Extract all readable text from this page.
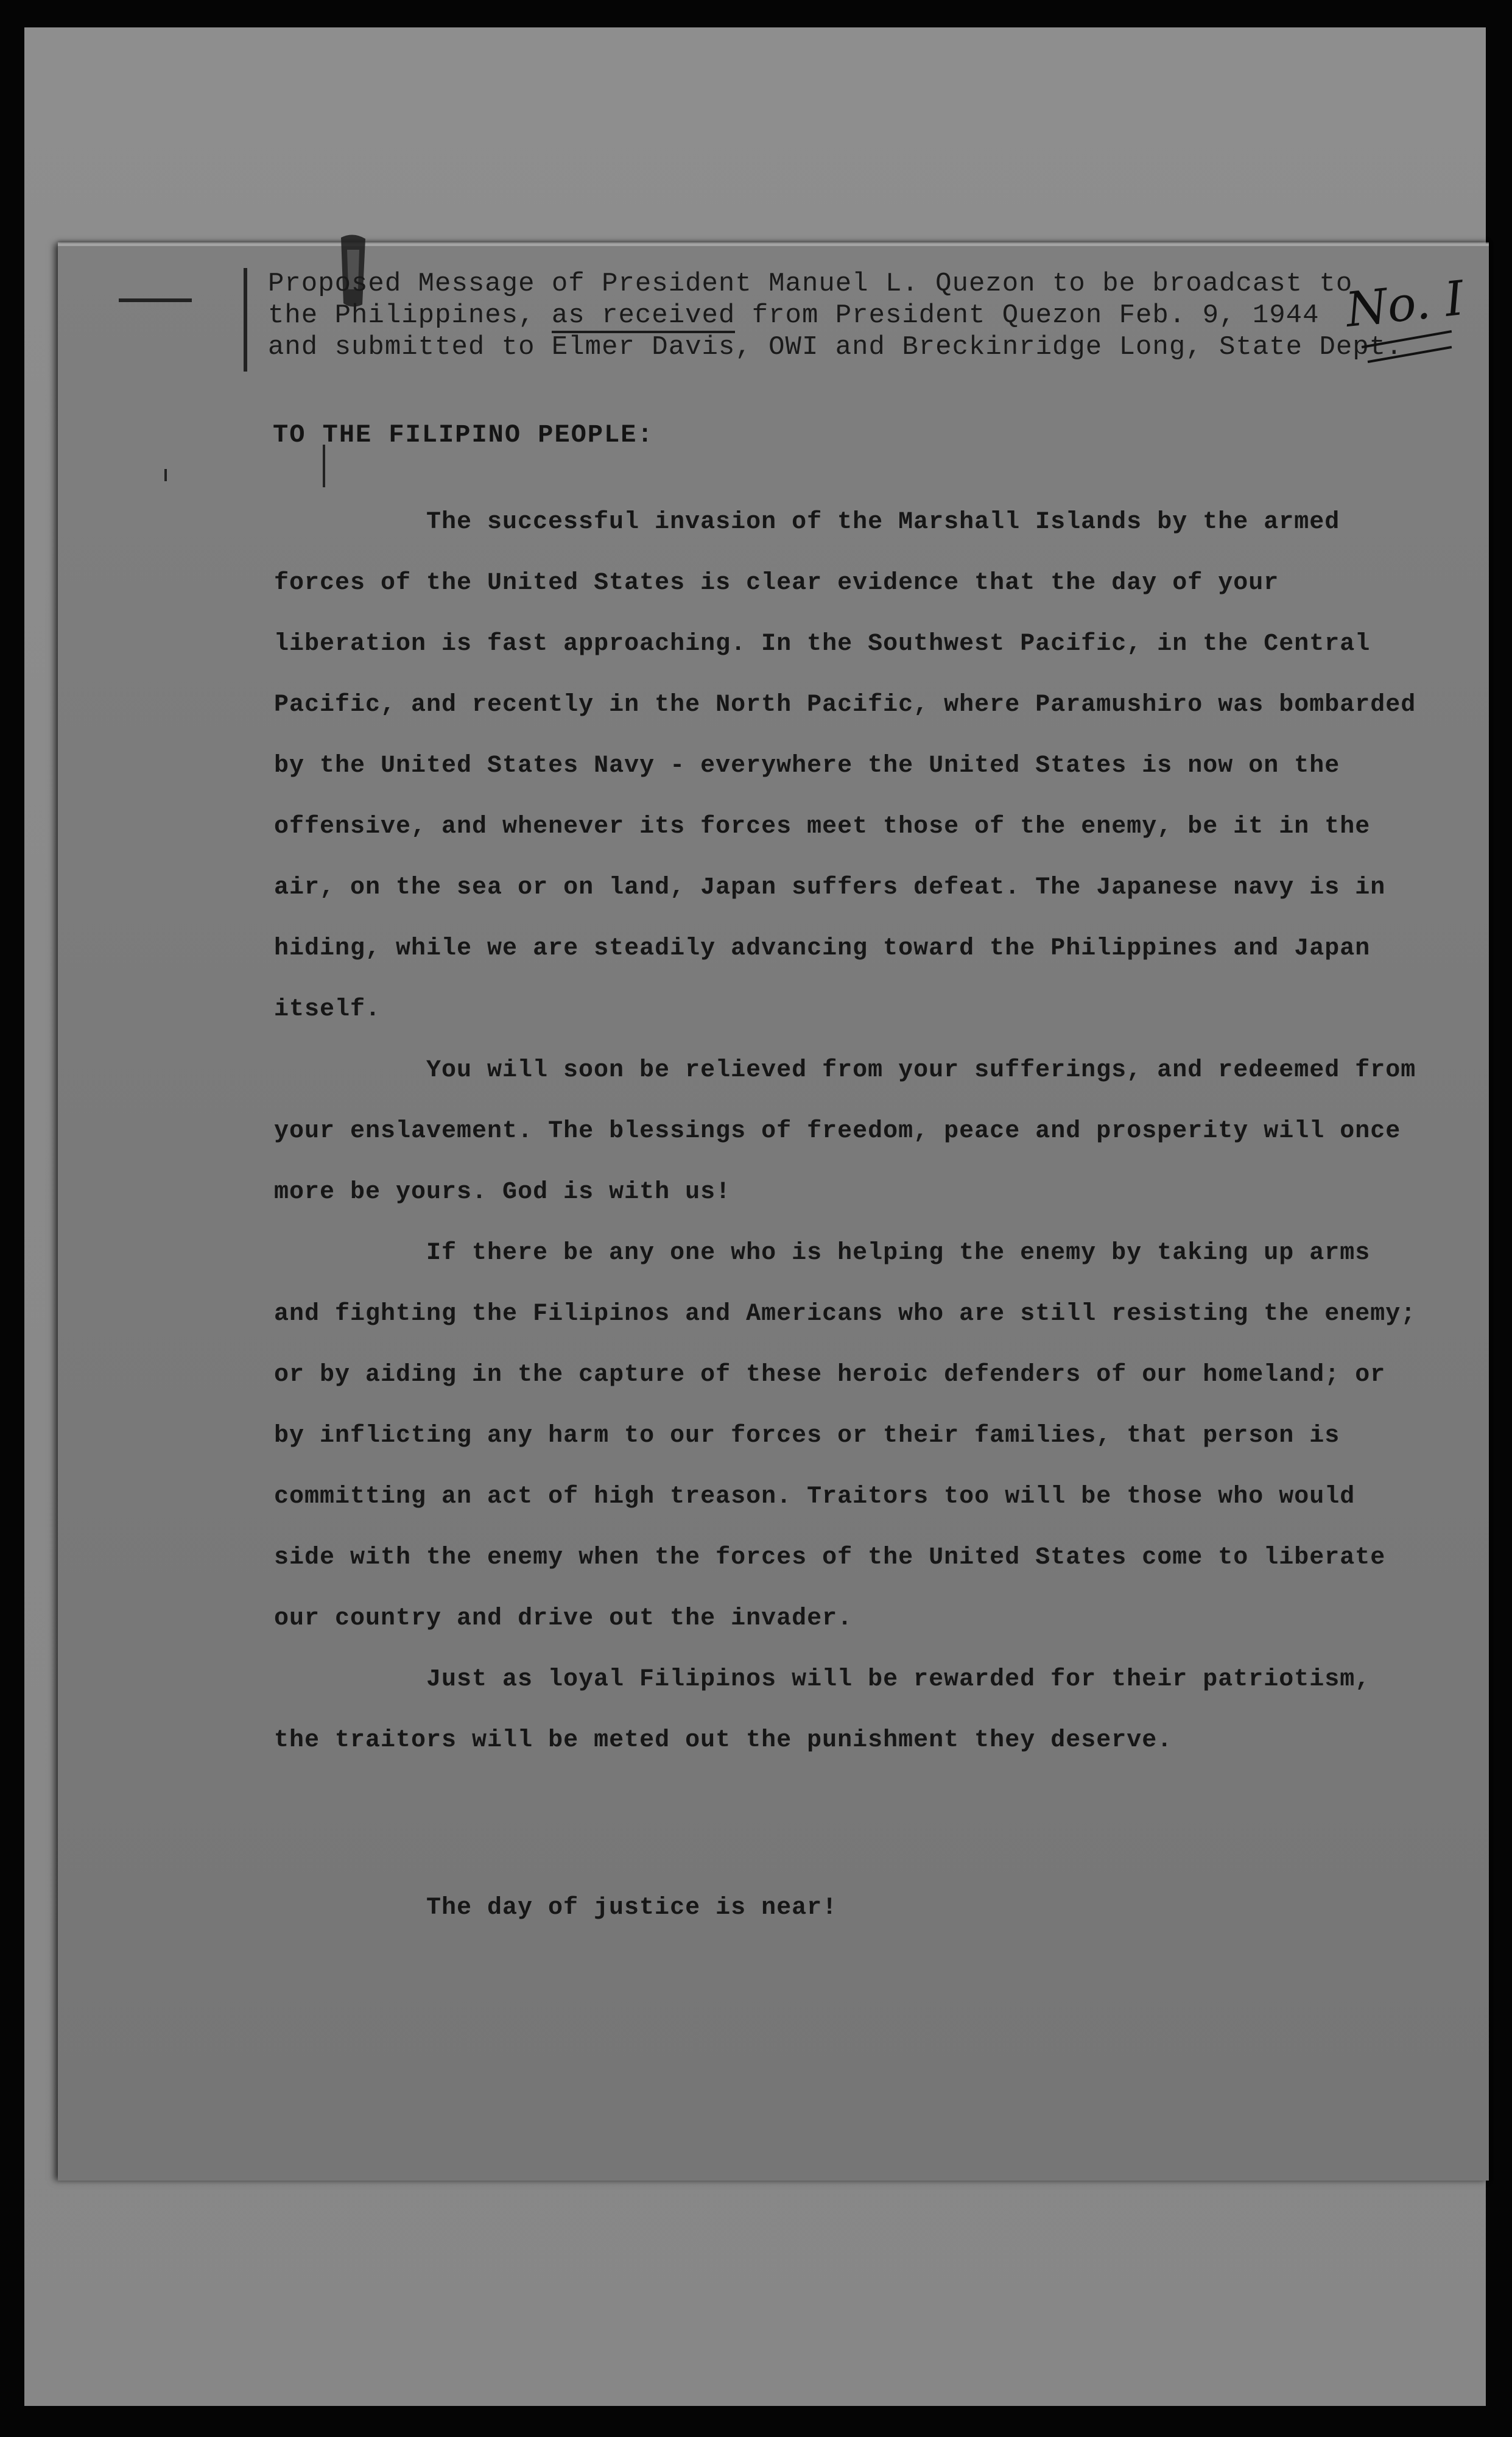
Proposed Message of President Manuel L. Quezon to be broadcast to
the Philippines, as received from President Quezon Feb. 9, 1944
and submitted to Elmer Davis, OWI and Breckinridge Long, State Dept.
No. I
TO THE FILIPINO PEOPLE:

The successful invasion of the Marshall Islands by the armed forces of the United States is clear evidence that the day of your liberation is fast approaching. In the Southwest Pacific, in the Central Pacific, and recently in the North Pacific, where Paramushiro was bombarded by the United States Navy - everywhere the United States is now on the offensive, and whenever its forces meet those of the enemy, be it in the air, on the sea or on land, Japan suffers defeat. The Japanese navy is in hiding, while we are steadily advancing toward the Philippines and Japan itself.

You will soon be relieved from your sufferings, and redeemed from your enslavement. The blessings of freedom, peace and prosperity will once more be yours. God is with us!

If there be any one who is helping the enemy by taking up arms and fighting the Filipinos and Americans who are still resisting the enemy; or by aiding in the capture of these heroic defenders of our homeland; or by inflicting any harm to our forces or their families, that person is committing an act of high treason. Traitors too will be those who would side with the enemy when the forces of the United States come to liberate our country and drive out the invader.

Just as loyal Filipinos will be rewarded for their patriotism, the traitors will be meted out the punishment they deserve.

The day of justice is near!
